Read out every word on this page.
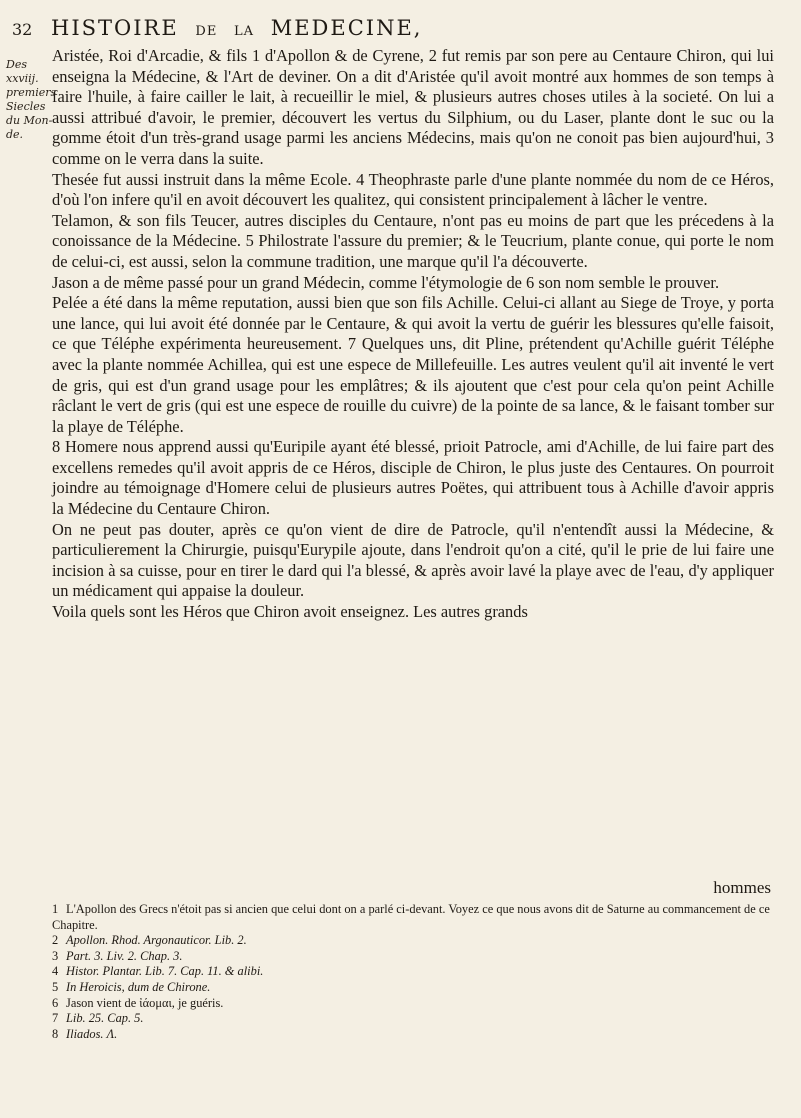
32 HISTOIRE DE LA MEDECINE,
Des
xxviij.
premiers
Siecles
du Mon-
de.

Aristée, Roi d'Arcadie, & fils 1 d'Apollon & de Cyrene, 2 fut remis par son pere au Centaure Chiron, qui lui enseigna la Médecine, & l'Art de deviner. On a dit d'Aristée qu'il avoit montré aux hommes de son temps à faire l'huile, à faire cailler le lait, à recueillir le miel, & plusieurs autres choses utiles à la societé. On lui a aussi attribué d'avoir, le premier, découvert les vertus du Silphium, ou du Laser, plante dont le suc ou la gomme étoit d'un très-grand usage parmi les anciens Médecins, mais qu'on ne conoit pas bien aujourd'hui, 3 comme on le verra dans la suite.

Thesée fut aussi instruit dans la même Ecole. 4 Theophraste parle d'une plante nommée du nom de ce Héros, d'où l'on infere qu'il en avoit découvert les qualitez, qui consistent principalement à lâcher le ventre.

Telamon, & son fils Teucer, autres disciples du Centaure, n'ont pas eu moins de part que les précedens à la conoissance de la Médecine. 5 Philostrate l'assure du premier; & le Teucrium, plante conue, qui porte le nom de celui-ci, est aussi, selon la commune tradition, une marque qu'il l'a découverte.

Jason a de même passé pour un grand Médecin, comme l'étymologie de 6 son nom semble le prouver.

Pelée a été dans la même reputation, aussi bien que son fils Achille. Celui-ci allant au Siege de Troye, y porta une lance, qui lui avoit été donnée par le Centaure, & qui avoit la vertu de guérir les blessures qu'elle faisoit, ce que Téléphe expérimenta heureusement. 7 Quelques uns, dit Pline, prétendent qu'Achille guérit Téléphe avec la plante nommée Achillea, qui est une espece de Millefeuille. Les autres veulent qu'il ait inventé le vert de gris, qui est d'un grand usage pour les emplâtres; & ils ajoutent que c'est pour cela qu'on peint Achille râclant le vert de gris (qui est une espece de rouille du cuivre) de la pointe de sa lance, & le faisant tomber sur la playe de Téléphe.

8 Homere nous apprend aussi qu'Euripile ayant été blessé, prioit Patrocle, ami d'Achille, de lui faire part des excellens remedes qu'il avoit appris de ce Héros, disciple de Chiron, le plus juste des Centaures. On pourroit joindre au témoignage d'Homere celui de plusieurs autres Poëtes, qui attribuent tous à Achille d'avoir appris la Médecine du Centaure Chiron.

On ne peut pas douter, après ce qu'on vient de dire de Patrocle, qu'il n'entendît aussi la Médecine, & particulierement la Chirurgie, puisqu'Eurypile ajoute, dans l'endroit qu'on a cité, qu'il le prie de lui faire une incision à sa cuisse, pour en tirer le dard qui l'a blessé, & après avoir lavé la playe avec de l'eau, d'y appliquer un médicament qui appaise la douleur.

Voila quels sont les Héros que Chiron avoit enseignez. Les autres grands

hommes
1 L'Apollon des Grecs n'étoit pas si ancien que celui dont on a parlé ci-devant. Voyez ce que nous avons dit de Saturne au commancement de ce Chapitre.
2 Apollon. Rhod. Argonauticor. Lib. 2.
3 Part. 3. Liv. 2. Chap. 3.
4 Histor. Plantar. Lib. 7. Cap. 11. & alibi.
5 In Heroicis, dum de Chirone.
6 Jason vient de ἰάομαι, je guéris.
7 Lib. 25. Cap. 5.
8 Iliados. Λ.
